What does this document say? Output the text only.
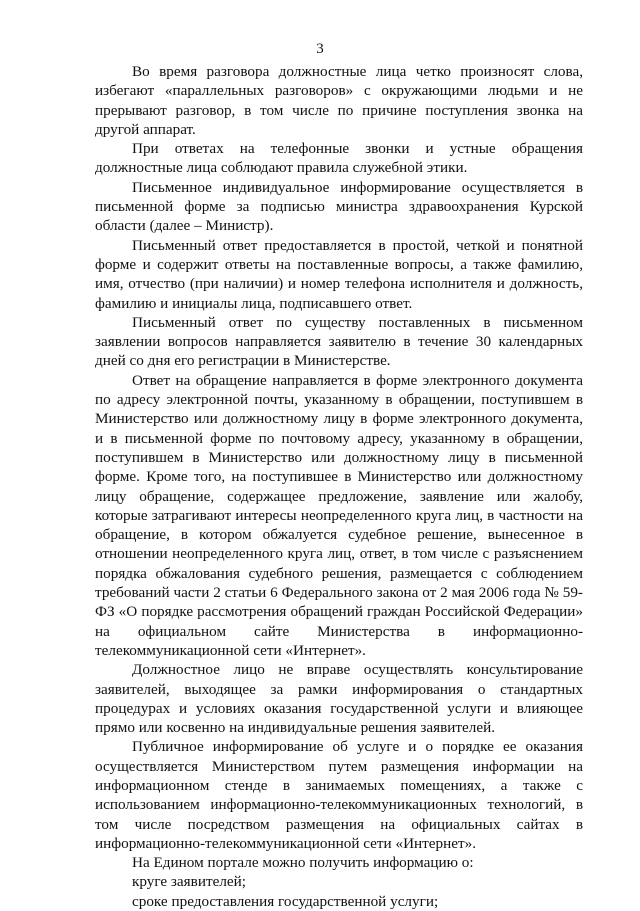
3

Во время разговора должностные лица четко произносят слова, избегают «параллельных разговоров» с окружающими людьми и не прерывают разговор, в том числе по причине поступления звонка на другой аппарат.

При ответах на телефонные звонки и устные обращения должностные лица соблюдают правила служебной этики.

Письменное индивидуальное информирование осуществляется в письменной форме за подписью министра здравоохранения Курской области (далее – Министр).

Письменный ответ предоставляется в простой, четкой и понятной форме и содержит ответы на поставленные вопросы, а также фамилию, имя, отчество (при наличии) и номер телефона исполнителя и должность, фамилию и инициалы лица, подписавшего ответ.

Письменный ответ по существу поставленных в письменном заявлении вопросов направляется заявителю в течение 30 календарных дней со дня его регистрации в Министерстве.

Ответ на обращение направляется в форме электронного документа по адресу электронной почты, указанному в обращении, поступившем в Министерство или должностному лицу в форме электронного документа, и в письменной форме по почтовому адресу, указанному в обращении, поступившем в Министерство или должностному лицу в письменной форме. Кроме того, на поступившее в Министерство или должностному лицу обращение, содержащее предложение, заявление или жалобу, которые затрагивают интересы неопределенного круга лиц, в частности на обращение, в котором обжалуется судебное решение, вынесенное в отношении неопределенного круга лиц, ответ, в том числе с разъяснением порядка обжалования судебного решения, размещается с соблюдением требований части 2 статьи 6 Федерального закона от 2 мая 2006 года № 59-ФЗ «О порядке рассмотрения обращений граждан Российской Федерации» на официальном сайте Министерства в информационно-телекоммуникационной сети «Интернет».

Должностное лицо не вправе осуществлять консультирование заявителей, выходящее за рамки информирования о стандартных процедурах и условиях оказания государственной услуги и влияющее прямо или косвенно на индивидуальные решения заявителей.

Публичное информирование об услуге и о порядке ее оказания осуществляется Министерством путем размещения информации на информационном стенде в занимаемых помещениях, а также с использованием информационно-телекоммуникационных технологий, в том числе посредством размещения на официальных сайтах в информационно-телекоммуникационной сети «Интернет».

На Едином портале можно получить информацию о:

круге заявителей;

сроке предоставления государственной услуги;
